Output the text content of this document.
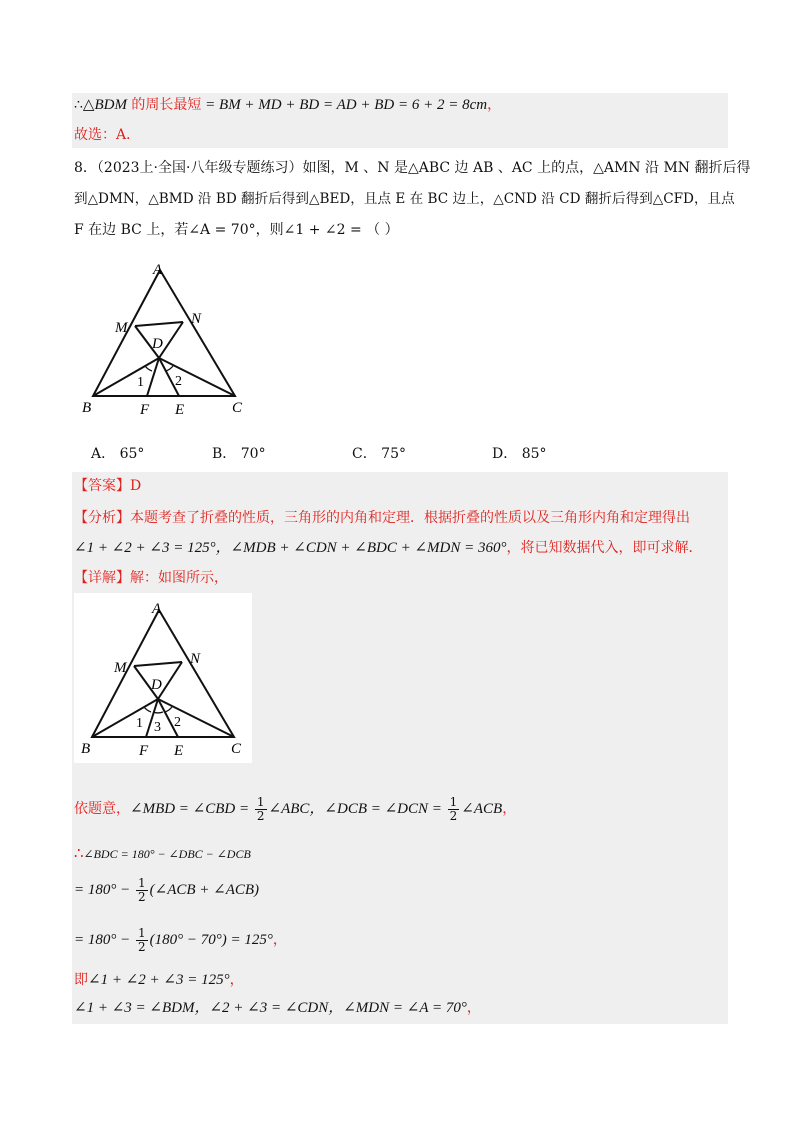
∴△BDM 的周长最短 = BM + MD + BD = AD + BD = 6 + 2 = 8cm，
故选：A．
8．（2023上·全国·八年级专题练习）如图，M 、N 是△ABC 边 AB 、AC 上的点，△AMN 沿 MN 翻折后得
到△DMN，△BMD 沿 BD 翻折后得到△BED，且点 E 在 BC 边上，△CND 沿 CD 翻折后得到△CFD，且点
F 在边 BC 上，若∠A = 70°，则∠1 + ∠2 = （ ）
A
M
N
D
1 2
B	F E	C
A． 65°	B． 70°	C． 75°	D． 85°
【答案】D
【分析】本题考查了折叠的性质，三角形的内角和定理．根据折叠的性质以及三角形内角和定理得出
∠1 + ∠2 + ∠3 = 125°，∠MDB + ∠CDN + ∠BDC + ∠MDN = 360°，将已知数据代入，即可求解．
【详解】解：如图所示，
A
M
N
D
1 3 2
B	F E	C
依题意，∠MBD = ∠CBD = $\frac{1}{2}$ ∠ABC，∠DCB = ∠DCN = $\frac{1}{2}$ ∠ACB，
∴∠BDC = 180° − ∠DBC − ∠DCB
= $180^\circ - \frac{1}{2}$ (∠ACB + ∠ACB)
= $180^\circ - \frac{1}{2} (180^\circ - 70^\circ) = 125^\circ$，
即∠1 + ∠2 + ∠3 = 125°，
∠1 + ∠3 = ∠BDM，∠2 + ∠3 = ∠CDN，∠MDN = ∠A = 70°，
